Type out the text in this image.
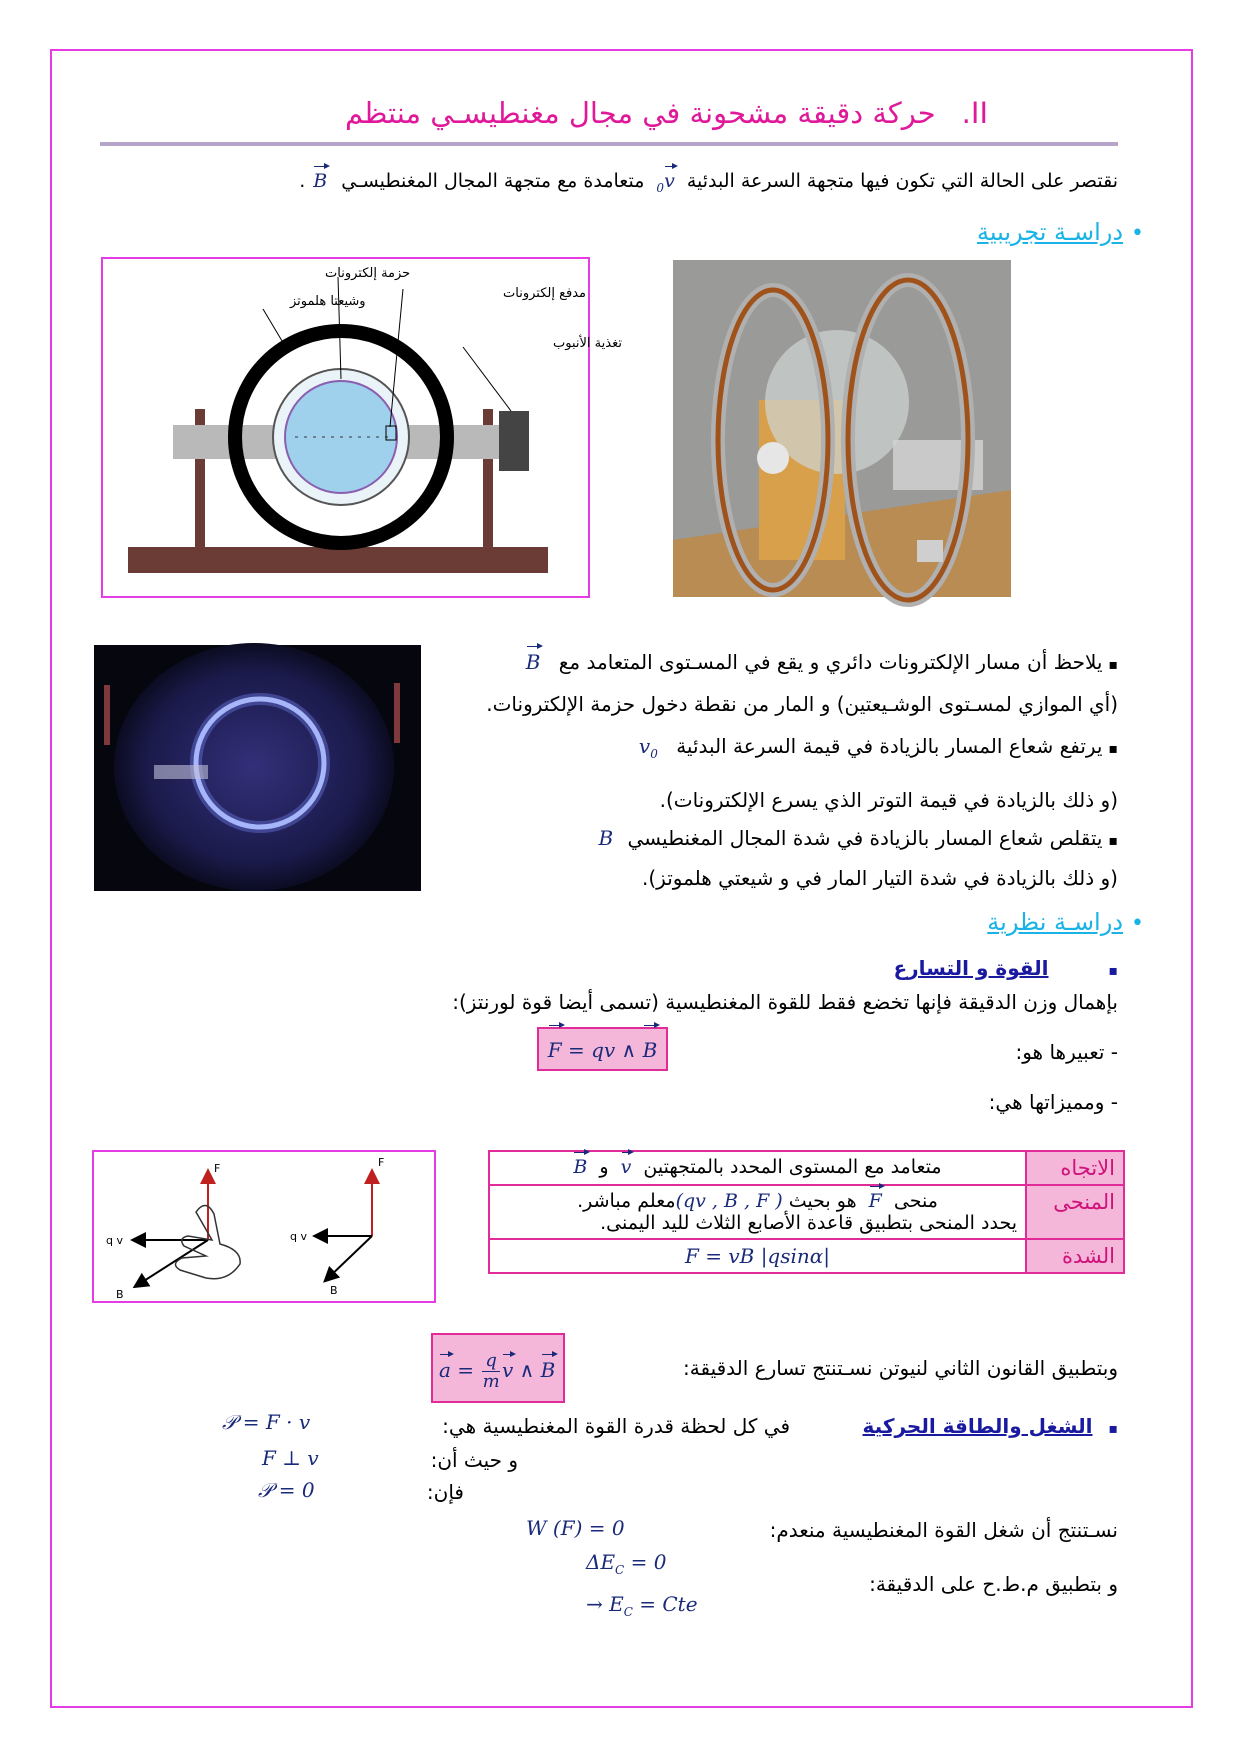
II.حركة دقيقة مشحونة في مجال مغنطيسـي منتظم
نقتصر على الحالة التي تكون فيها متجهة السرعة البدئية $v_0$ متعامدة مع متجهة المجال المغنطيسـي B.
•دراسـة تجريبية
حزمة إلكترونات
مدفع إلكترونات
وشيعتا هلموتز
تغذية الأنبوب
▪يلاحظ أن مسار الإلكترونات دائري و يقع في المسـتوى المتعامد مع B
(أي الموازي لمسـتوى الوشـيعتين) و المار من نقطة دخول حزمة الإلكترونات.
▪يرتفع شعاع المسار بالزيادة في قيمة السرعة البدئية $v_0$
(و ذلك بالزيادة في قيمة التوتر الذي يسرع الإلكترونات).
▪يتقلص شعاع المسار بالزيادة في شدة المجال المغنطيسي B
(و ذلك بالزيادة في شدة التيار المار في و شيعتي هلموتز).
•دراسـة نظرية
▪القوة و التسارع
بإهمال وزن الدقيقة فإنها تخضع فقط للقوة المغنطيسية (تسمى أيضا قوة لورنتز):
- تعبيرها هو:
F = qv ∧ B
- ومميزاتها هي:
F
q v
B
F
q v
B
الاتجاه	متعامد مع المستوى المحدد بالمتجهتين v و B
المنحى	منحى F هو بحيث (qv , B , F )معلم مباشر.
يحدد المنحى بتطبيق قاعدة الأصابع الثلاث لليد اليمنى.

الشدة	F = vB |qsinα|
وبتطبيق القانون الثاني لنيوتن نسـتنتج تسارع الدقيقة:
$a = \frac{q}{m}$ v ∧ B
▪الشغل والطاقة الحركية
في كل لحظة قدرة القوة المغنطيسية هي:
𝒫 = F · v
و حيث أن:
F ⊥ v
فإن:
𝒫 = 0
نسـتنتج أن شغل القوة المغنطيسية منعدم:
W (F) = 0
$\Delta E_C = 0$
و بتطبيق م.ط.ح على الدقيقة:
→ $E_C$ = Cte
